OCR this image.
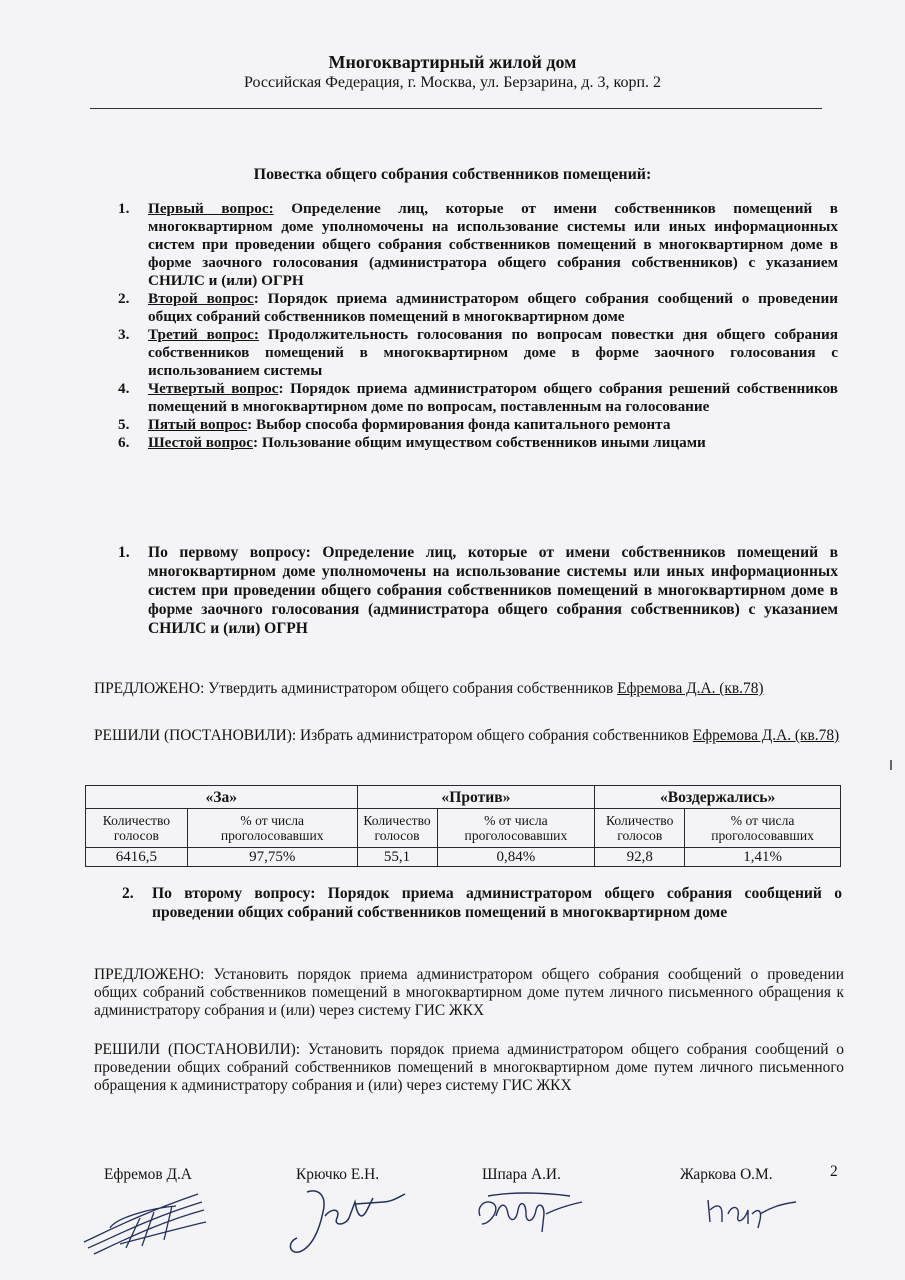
Многоквартирный жилой дом
Российская Федерация, г. Москва, ул. Берзарина, д. 3, корп. 2
Повестка общего собрания собственников помещений:
1.	Первый вопрос: Определение лиц, которые от имени собственников помещений в многоквартирном доме уполномочены на использование системы или иных информационных систем при проведении общего собрания собственников помещений в многоквартирном доме в форме заочного голосования (администратора общего собрания собственников) с указанием СНИЛС и (или) ОГРН
2.	Второй вопрос: Порядок приема администратором общего собрания сообщений о проведении общих собраний собственников помещений в многоквартирном доме
3.	Третий вопрос: Продолжительность голосования по вопросам повестки дня общего собрания собственников помещений в многоквартирном доме в форме заочного голосования с использованием системы
4.	Четвертый вопрос: Порядок приема администратором общего собрания решений собственников помещений в многоквартирном доме по вопросам, поставленным на голосование
5.	Пятый вопрос: Выбор способа формирования фонда капитального ремонта
6.	Шестой вопрос: Пользование общим имуществом собственников иными лицами
1.	По первому вопросу: Определение лиц, которые от имени собственников помещений в многоквартирном доме уполномочены на использование системы или иных информационных систем при проведении общего собрания собственников помещений в многоквартирном доме в форме заочного голосования (администратора общего собрания собственников) с указанием СНИЛС и (или) ОГРН
ПРЕДЛОЖЕНО: Утвердить администратором общего собрания собственников Ефремова Д.А. (кв.78)
РЕШИЛИ (ПОСТАНОВИЛИ): Избрать администратором общего собрания собственников Ефремова Д.А. (кв.78)
«За»		«Против»		«Воздержались»	
Количество голосов	% от числа проголосовавших	Количество голосов	% от числа проголосовавших	Количество голосов	% от числа проголосовавших
6416,5	97,75%	55,1	0,84%	92,8	1,41%
2.	По второму вопросу: Порядок приема администратором общего собрания сообщений о проведении общих собраний собственников помещений в многоквартирном доме
ПРЕДЛОЖЕНО: Установить порядок приема администратором общего собрания сообщений о проведении общих собраний собственников помещений в многоквартирном доме путем личного письменного обращения к администратору собрания и (или) через систему ГИС ЖКХ
РЕШИЛИ (ПОСТАНОВИЛИ): Установить порядок приема администратором общего собрания сообщений о проведении общих собраний собственников помещений в многоквартирном доме путем личного письменного обращения к администратору собрания и (или) через систему ГИС ЖКХ
Ефремов Д.А	Крючко Е.Н.	Шпара А.И.	Жаркова О.М.	2
